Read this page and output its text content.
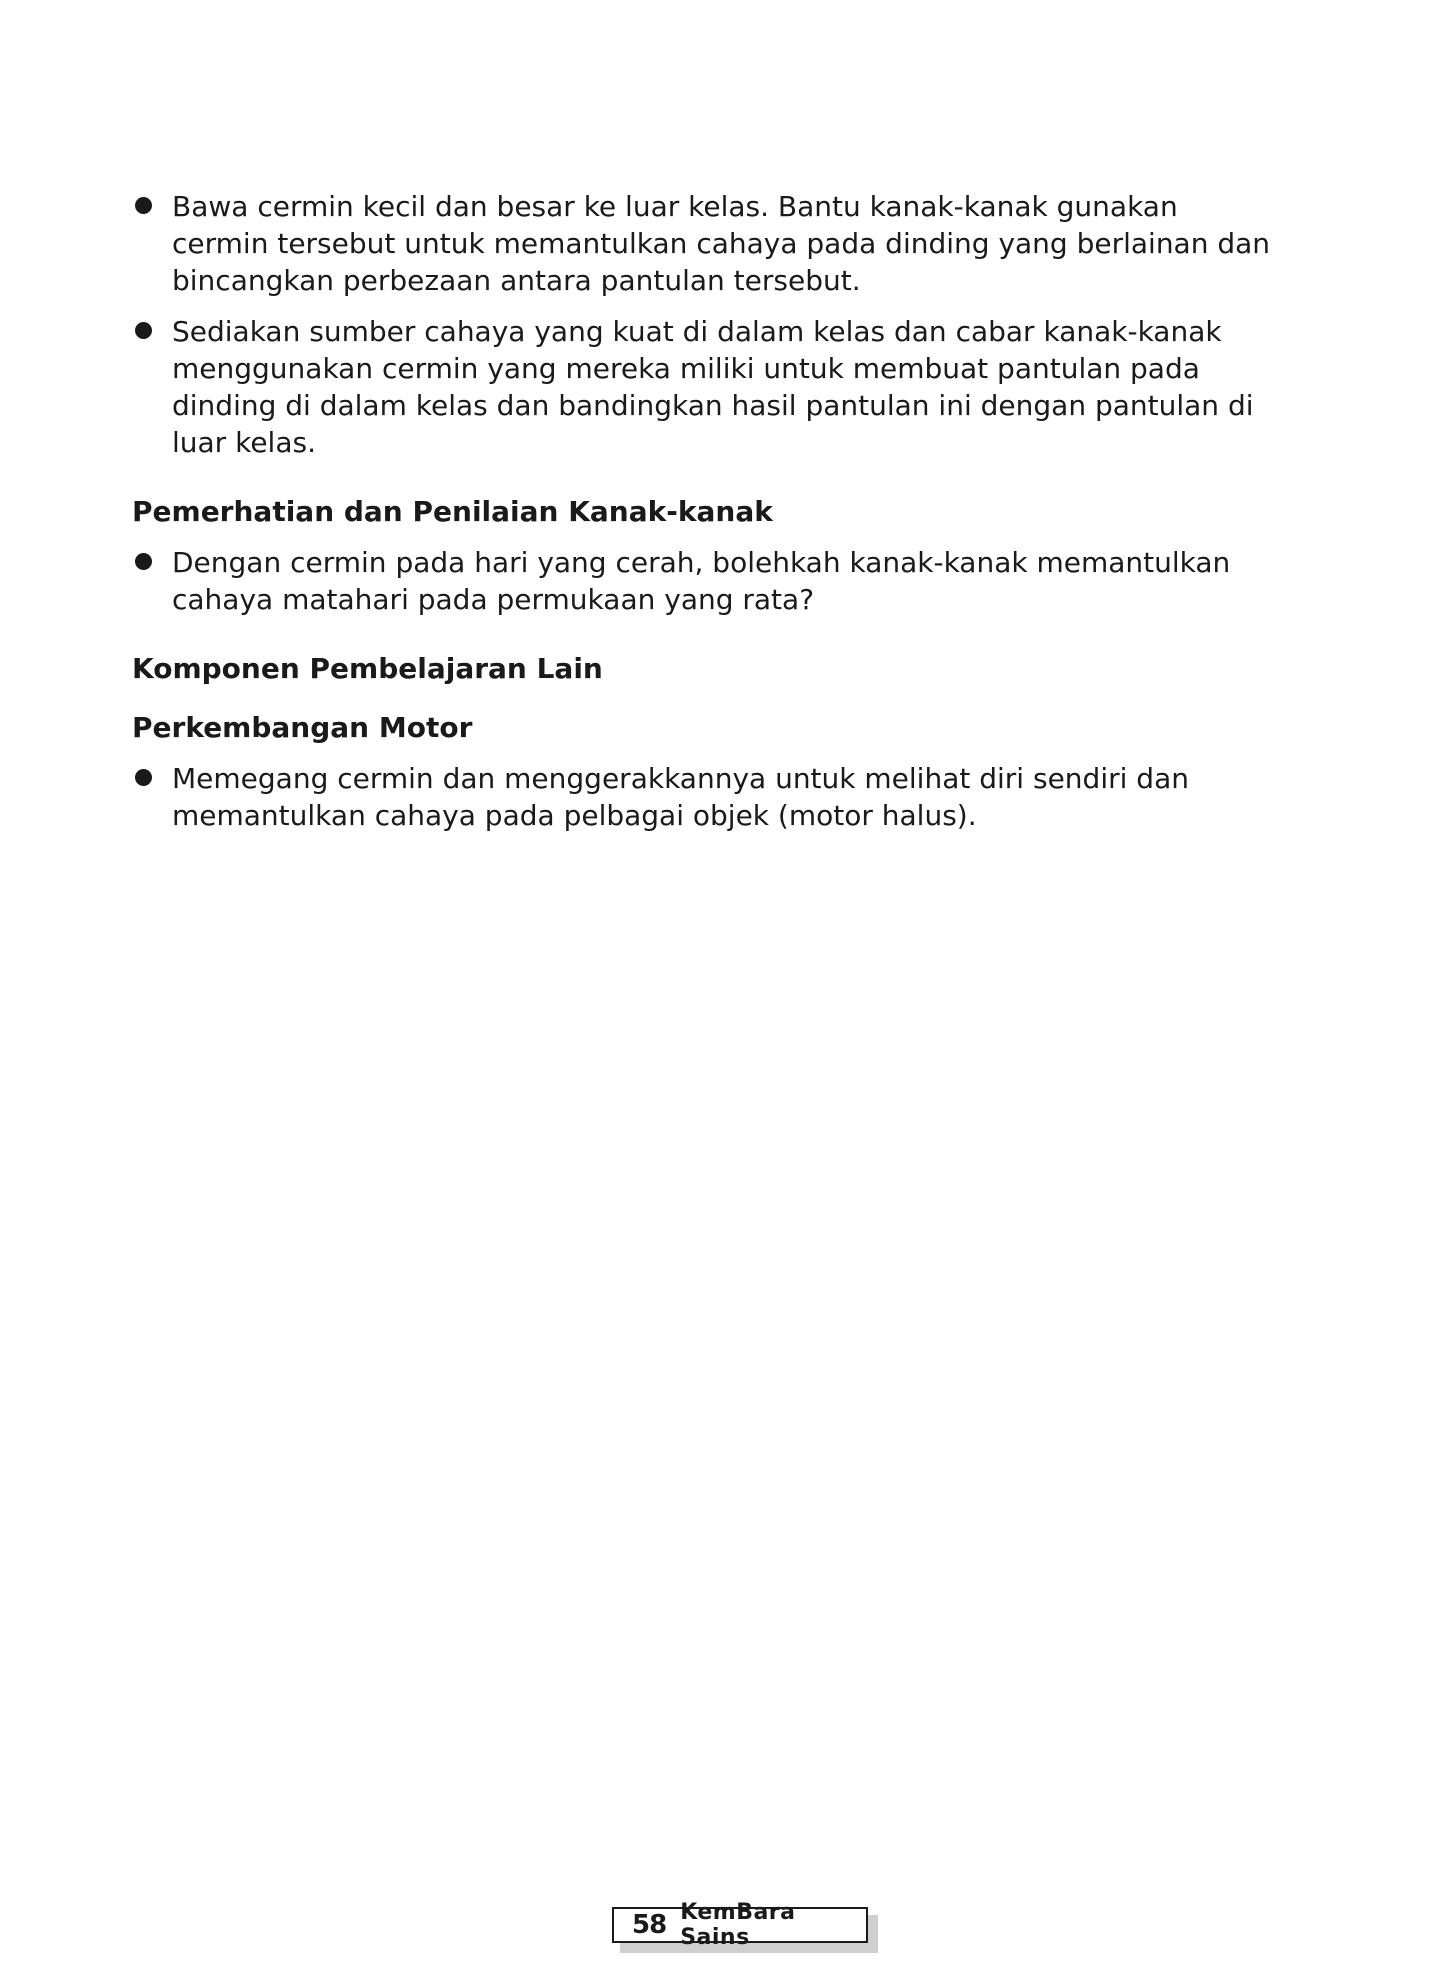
Bawa cermin kecil dan besar ke luar kelas. Bantu kanak-kanak gunakan cermin tersebut untuk memantulkan cahaya pada dinding yang berlainan dan bincangkan perbezaan antara pantulan tersebut.
Sediakan sumber cahaya yang kuat di dalam kelas dan cabar kanak-kanak menggunakan cermin yang mereka miliki untuk membuat pantulan pada dinding di dalam kelas dan bandingkan hasil pantulan ini dengan pantulan di luar kelas.
Pemerhatian dan Penilaian Kanak-kanak
Dengan cermin pada hari yang cerah, bolehkah kanak-kanak memantulkan cahaya matahari pada permukaan yang rata?
Komponen Pembelajaran Lain
Perkembangan Motor
Memegang cermin dan menggerakkannya untuk melihat diri sendiri dan memantulkan cahaya pada pelbagai objek (motor halus).
58 KemBara Sains
